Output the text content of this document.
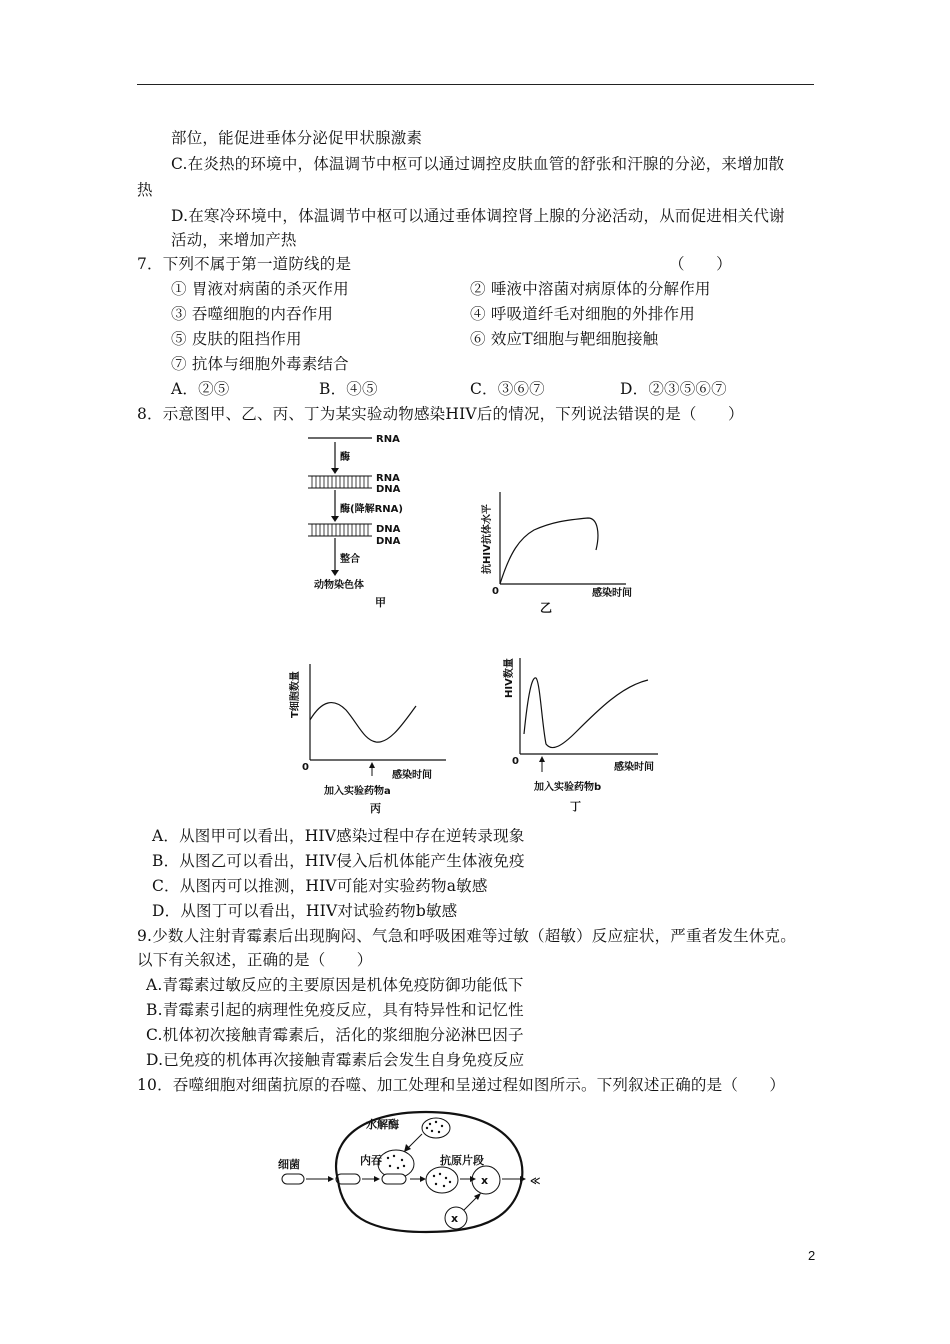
部位，能促进垂体分泌促甲状腺激素
C.在炎热的环境中，体温调节中枢可以通过调控皮肤血管的舒张和汗腺的分泌，来增加散
热
D.在寒冷环境中，体温调节中枢可以通过垂体调控肾上腺的分泌活动，从而促进相关代谢
活动，来增加产热
7．下列不属于第一道防线的是	（　　）
① 胃液对病菌的杀灭作用	② 唾液中溶菌对病原体的分解作用
③ 吞噬细胞的内吞作用	④ 呼吸道纤毛对细胞的外排作用
⑤ 皮肤的阻挡作用	⑥ 效应T细胞与靶细胞接触
⑦ 抗体与细胞外毒素结合
A．②⑤	B．④⑤	C．③⑥⑦	D．②③⑤⑥⑦
8．示意图甲、乙、丙、丁为某实验动物感染HIV后的情况，下列说法错误的是（　　）
RNA
酶
RNA
DNA
酶(降解RNA)
DNA
DNA
整合
动物染色体
甲
抗HIV抗体水平
0	感染时间
乙
T细胞数量
0
感染时间
加入实验药物a
丙
HIV数量
0
感染时间
加入实验药物b
丁
A．从图甲可以看出，HIV感染过程中存在逆转录现象
B．从图乙可以看出，HIV侵入后机体能产生体液免疫
C．从图丙可以推测，HIV可能对实验药物a敏感
D．从图丁可以看出，HIV对试验药物b敏感
9.少数人注射青霉素后出现胸闷、气急和呼吸困难等过敏（超敏）反应症状，严重者发生休克。
以下有关叙述，正确的是（　　）
A.青霉素过敏反应的主要原因是机体免疫防御功能低下
B.青霉素引起的病理性免疫反应，具有特异性和记忆性
C.机体初次接触青霉素后，活化的浆细胞分泌淋巴因子
D.已免疫的机体再次接触青霉素后会发生自身免疫反应
10．吞噬细胞对细菌抗原的吞噬、加工处理和呈递过程如图所示。下列叙述正确的是（　　）
细菌	内吞
水解酶
抗原片段
x	≪
x
2
